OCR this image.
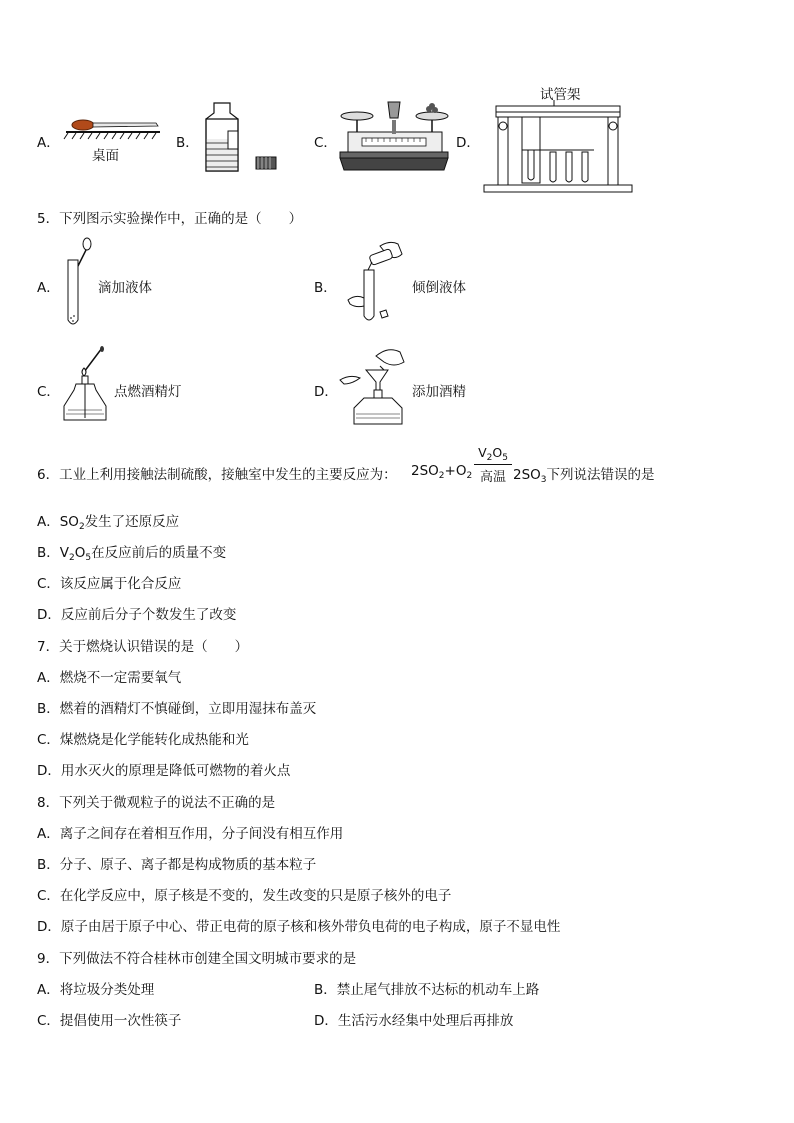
A．
桌面
B．	C．	D．
试管架
5．下列图示实验操作中，正确的是（　　）
A．	滴加液体	B．	倾倒液体
C．	点燃酒精灯	D．	添加酒精
6．工业上利用接触法制硫酸，接触室中发生的主要反应为： $2SO_2+O_2$
$V_2O_5$
高温 $2SO_3$下列说法错误的是
A．$SO_2$发生了还原反应
B．$V_2O_5$在反应前后的质量不变
C．该反应属于化合反应
D．反应前后分子个数发生了改变
7．关于燃烧认识错误的是（　　）
A．燃烧不一定需要氧气
B．燃着的酒精灯不慎碰倒，立即用湿抹布盖灭
C．煤燃烧是化学能转化成热能和光
D．用水灭火的原理是降低可燃物的着火点
8．下列关于微观粒子的说法不正确的是
A．离子之间存在着相互作用，分子间没有相互作用
B．分子、原子、离子都是构成物质的基本粒子
C．在化学反应中，原子核是不变的，发生改变的只是原子核外的电子
D．原子由居于原子中心、带正电荷的原子核和核外带负电荷的电子构成，原子不显电性
9．下列做法不符合桂林市创建全国文明城市要求的是
A．将垃圾分类处理	B．禁止尾气排放不达标的机动车上路
C．提倡使用一次性筷子	D．生活污水经集中处理后再排放
